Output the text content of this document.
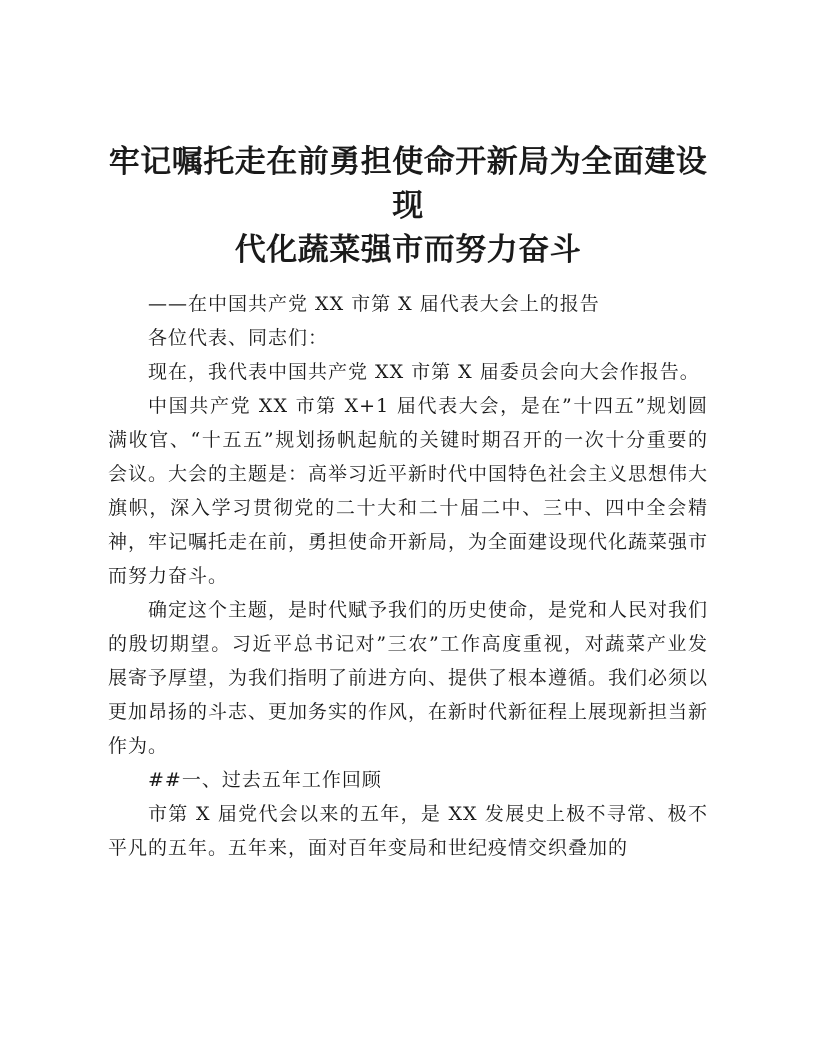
牢记嘱托走在前勇担使命开新局为全面建设现
代化蔬菜强市而努力奋斗

——在中国共产党 XX 市第 X 届代表大会上的报告

各位代表、同志们：

现在，我代表中国共产党 XX 市第 X 届委员会向大会作报告。

中国共产党 XX 市第 X+1 届代表大会，是在”十四五”规划圆满收官、“十五五”规划扬帆起航的关键时期召开的一次十分重要的会议。大会的主题是：高举习近平新时代中国特色社会主义思想伟大旗帜，深入学习贯彻党的二十大和二十届二中、三中、四中全会精神，牢记嘱托走在前，勇担使命开新局，为全面建设现代化蔬菜强市而努力奋斗。

确定这个主题，是时代赋予我们的历史使命，是党和人民对我们的殷切期望。习近平总书记对”三农”工作高度重视，对蔬菜产业发展寄予厚望，为我们指明了前进方向、提供了根本遵循。我们必须以更加昂扬的斗志、更加务实的作风，在新时代新征程上展现新担当新作为。

##一、过去五年工作回顾

市第 X 届党代会以来的五年，是 XX 发展史上极不寻常、极不平凡的五年。五年来，面对百年变局和世纪疫情交织叠加的
